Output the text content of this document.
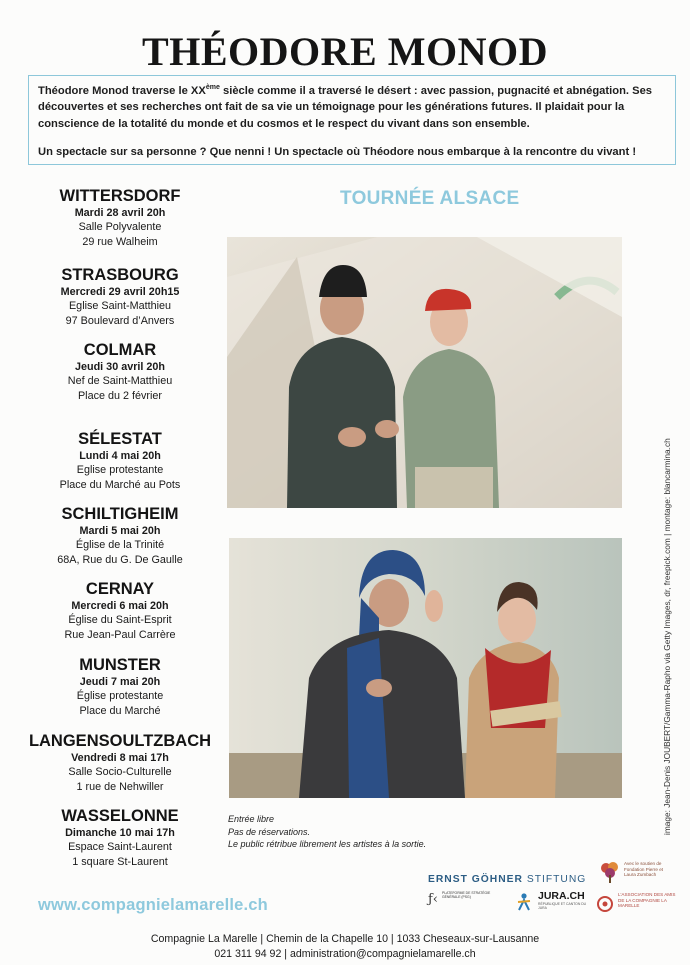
THÉODORE MONOD

Théodore Monod traverse le XXème siècle comme il a traversé le désert : avec passion, pugnacité et abnégation. Ses découvertes et ses recherches ont fait de sa vie un témoignage pour les générations futures. Il plaidait pour la conscience de la totalité du monde et du cosmos et le respect du vivant dans son ensemble.

Un spectacle sur sa personne ? Que nenni ! Un spectacle où Théodore nous embarque à la rencontre du vivant !

WITTERSDORF
Mardi 28 avril 20h
Salle Polyvalente
29 rue Walheim
STRASBOURG
Mercredi 29 avril 20h15
Eglise Saint-Matthieu
97 Boulevard d’Anvers
COLMAR
Jeudi 30 avril 20h
Nef de Saint-Matthieu
Place du 2 février
SÉLESTAT
Lundi 4 mai 20h
Eglise protestante
Place du Marché au Pots
SCHILTIGHEIM
Mardi 5 mai 20h
Église de la Trinité
68A, Rue du G. De Gaulle
CERNAY
Mercredi 6 mai 20h
Église du Saint-Esprit
Rue Jean-Paul Carrère
MUNSTER
Jeudi 7 mai 20h
Église protestante
Place du Marché
LANGENSOULTZBACH
Vendredi 8 mai 17h
Salle Socio-Culturelle
1 rue de Nehwiller
WASSELONNE
Dimanche 10 mai 17h
Espace Saint-Laurent
1 square St-Laurent
TOURNÉE ALSACE
Entrée libre
Pas de réservations.
Le public rétribue librement les artistes à la sortie.
image: Jean-Denis JOUBERT/Gamma-Rapho via Getty Images, dr, freepick.com | montage: blancarmina.ch
www.compagnielamarelle.ch
ERNST GÖHNER STIFTUNG
ƒ‹ PLATEFORME DE STRATÉGIE GÉNÉRALE (PSG)	JURA.CH
RÉPUBLIQUE ET CANTON DU JURA
Avec le soutien de Fondation Pierre et Laura Zumbach
L'ASSOCIATION DES AMIS DE LA COMPAGNIE LA MARELLE
Compagnie La Marelle | Chemin de la Chapelle 10 | 1033 Cheseaux-sur-Lausanne
021 311 94 92 | administration@compagnielamarelle.ch
